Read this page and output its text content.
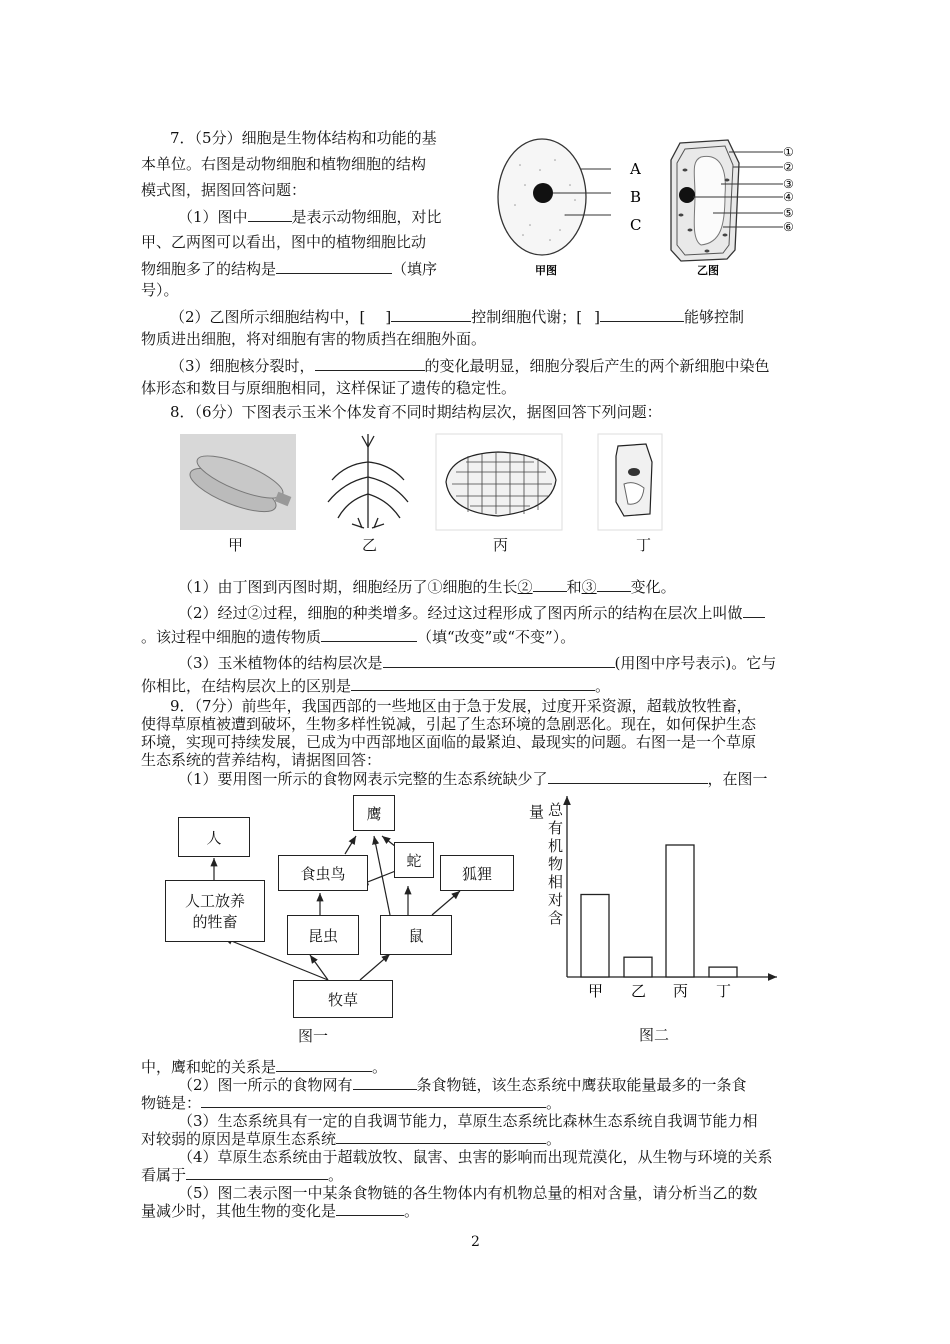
7．（5分）细胞是生物体结构和功能的基
本单位。右图是动物细胞和植物细胞的结构
模式图，据图回答问题：
（1）图中	是表示动物细胞，对比
甲、乙两图可以看出，图中的植物细胞比动
物细胞多了的结构是	（填序
号）。
（2）乙图所示细胞结构中，[ ]	控制细胞代谢；[ ]	能够控制
物质进出细胞，将对细胞有害的物质挡在细胞外面。
（3）细胞核分裂时，	的变化最明显，细胞分裂后产生的两个新细胞中染色
体形态和数目与原细胞相同，这样保证了遗传的稳定性。
A
B
C
甲图
①
②
③
④
⑤
⑥
乙图
8．（6分）下图表示玉米个体发育不同时期结构层次，据图回答下列问题：
甲	乙	丙	丁
（1）由丁图到丙图时期，细胞经历了①细胞的生长② 和③ 变化。
（2）经过②过程，细胞的种类增多。经过这过程形成了图丙所示的结构在层次上叫做
。该过程中细胞的遗传物质	（填“改变”或“不变”）。
（3）玉米植物体的结构层次是	(用图中序号表示)。它与
你相比，在结构层次上的区别是	。
9．（7分）前些年，我国西部的一些地区由于急于发展，过度开采资源，超载放牧牲畜，
使得草原植被遭到破坏，生物多样性锐减，引起了生态环境的急剧恶化。现在，如何保护生态
环境，实现可持续发展，已成为中西部地区面临的最紧迫、最现实的问题。右图一是一个草原
生态系统的营养结构，请据图回答：
（1）要用图一所示的食物网表示完整的生态系统缺少了	，在图一
人
鹰
蛇
食虫鸟	狐狸
人工放养
的牲畜
昆虫	鼠
牧草
图一
甲 乙 丙 丁
量 总
有
机
物
相
对
含
图二
中，鹰和蛇的关系是	。
（2）图一所示的食物网有	条食物链，该生态系统中鹰获取能量最多的一条食
物链是：	。
（3）生态系统具有一定的自我调节能力，草原生态系统比森林生态系统自我调节能力相
对较弱的原因是草原生态系统	。
（4）草原生态系统由于超载放牧、鼠害、虫害的影响而出现荒漠化，从生物与环境的关系
看属于	。
（5）图二表示图一中某条食物链的各生物体内有机物总量的相对含量，请分析当乙的数
量减少时，其他生物的变化是	。
2
